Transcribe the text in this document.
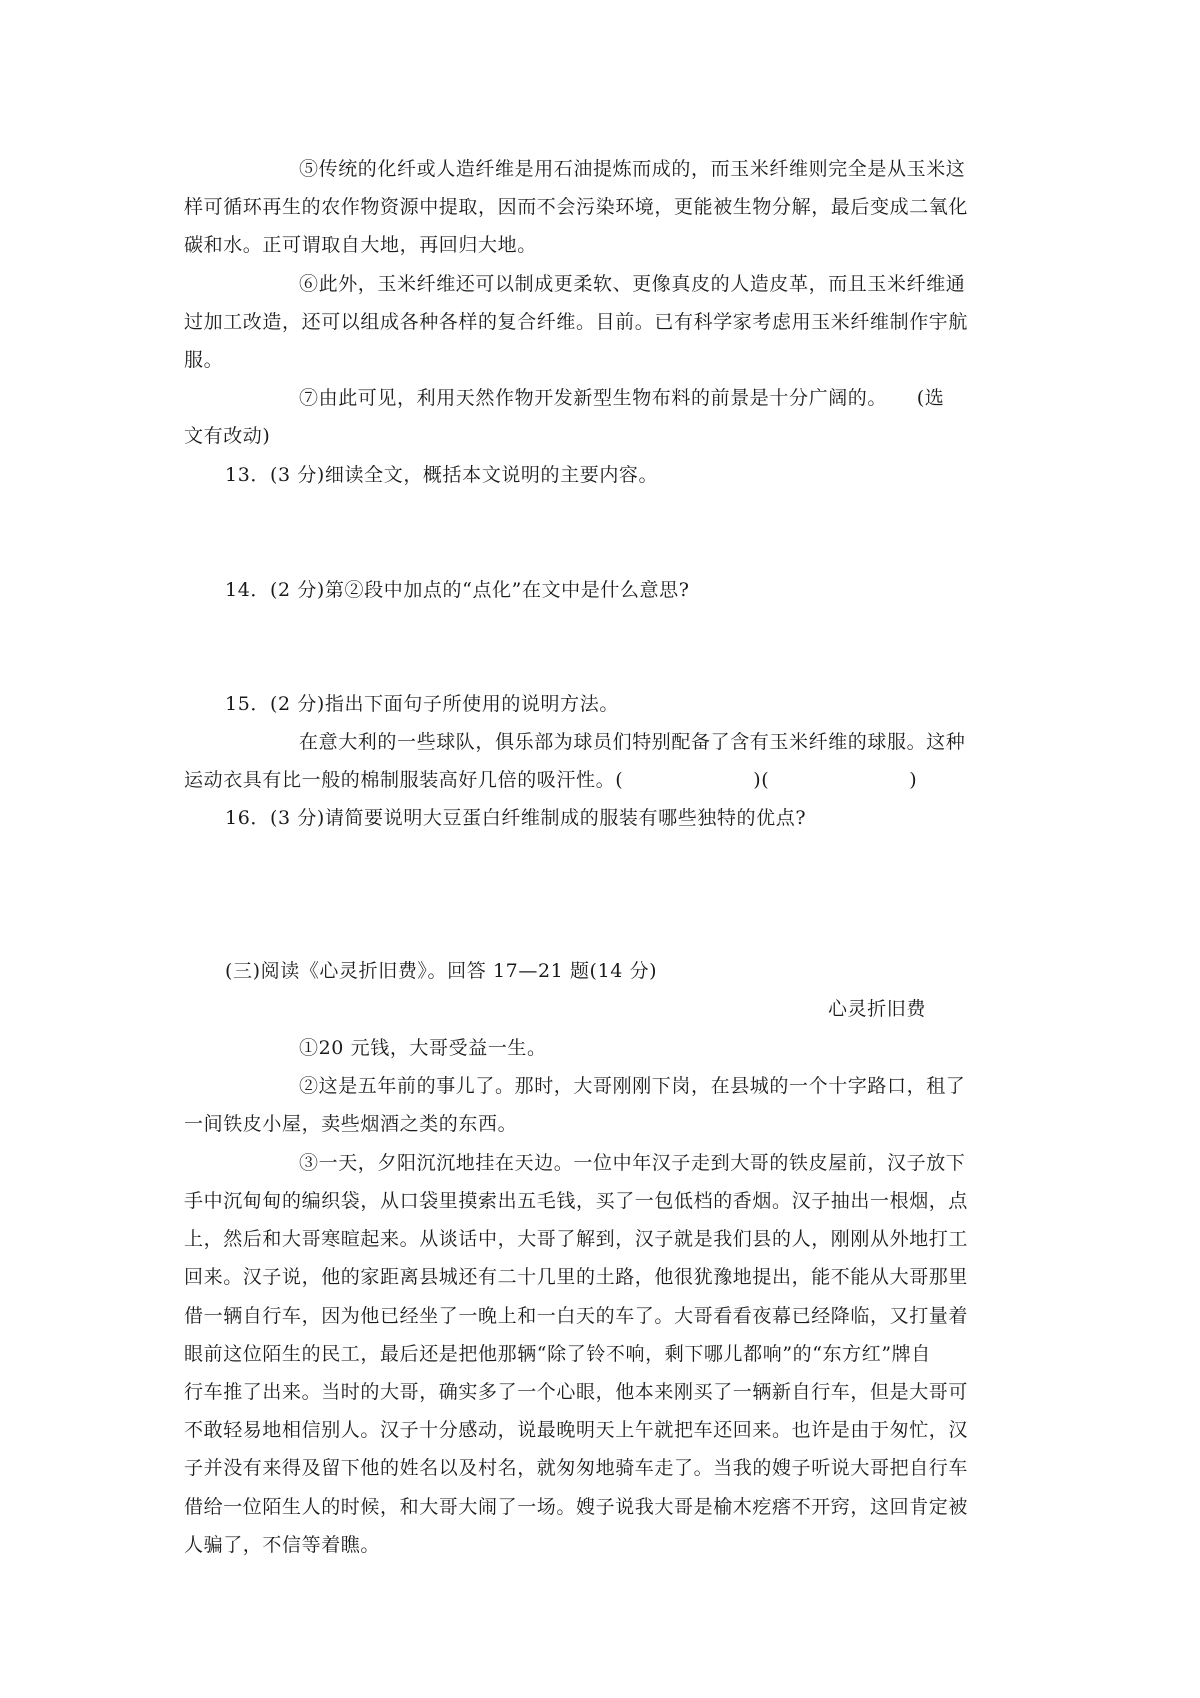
⑤传统的化纤或人造纤维是用石油提炼而成的，而玉米纤维则完全是从玉米这
样可循环再生的农作物资源中提取，因而不会污染环境，更能被生物分解，最后变成二氧化
碳和水。正可谓取自大地，再回归大地。
⑥此外，玉米纤维还可以制成更柔软、更像真皮的人造皮革，而且玉米纤维通
过加工改造，还可以组成各种各样的复合纤维。目前。已有科学家考虑用玉米纤维制作宇航
服。
⑦由此可见，利用天然作物开发新型生物布料的前景是十分广阔的。　　(选
文有改动)
13．(3 分)细读全文，概括本文说明的主要内容。
14．(2 分)第②段中加点的“点化”在文中是什么意思?
15．(2 分)指出下面句子所使用的说明方法。
在意大利的一些球队，俱乐部为球员们特别配备了含有玉米纤维的球服。这种
运动衣具有比一般的棉制服装高好几倍的吸汗性。(	)(	)
16．(3 分)请简要说明大豆蛋白纤维制成的服装有哪些独特的优点?
(三)阅读《心灵折旧费》。回答 17—21 题(14 分)
心灵折旧费
①20 元钱，大哥受益一生。
②这是五年前的事儿了。那时，大哥刚刚下岗，在县城的一个十字路口，租了
一间铁皮小屋，卖些烟酒之类的东西。
③一天，夕阳沉沉地挂在天边。一位中年汉子走到大哥的铁皮屋前，汉子放下
手中沉甸甸的编织袋，从口袋里摸索出五毛钱，买了一包低档的香烟。汉子抽出一根烟，点
上，然后和大哥寒暄起来。从谈话中，大哥了解到，汉子就是我们县的人，刚刚从外地打工
回来。汉子说，他的家距离县城还有二十几里的土路，他很犹豫地提出，能不能从大哥那里
借一辆自行车，因为他已经坐了一晚上和一白天的车了。大哥看看夜幕已经降临，又打量着
眼前这位陌生的民工，最后还是把他那辆“除了铃不响，剩下哪儿都响”的“东方红”牌自
行车推了出来。当时的大哥，确实多了一个心眼，他本来刚买了一辆新自行车，但是大哥可
不敢轻易地相信别人。汉子十分感动，说最晚明天上午就把车还回来。也许是由于匆忙，汉
子并没有来得及留下他的姓名以及村名，就匆匆地骑车走了。当我的嫂子听说大哥把自行车
借给一位陌生人的时候，和大哥大闹了一场。嫂子说我大哥是榆木疙瘩不开窍，这回肯定被
人骗了，不信等着瞧。
